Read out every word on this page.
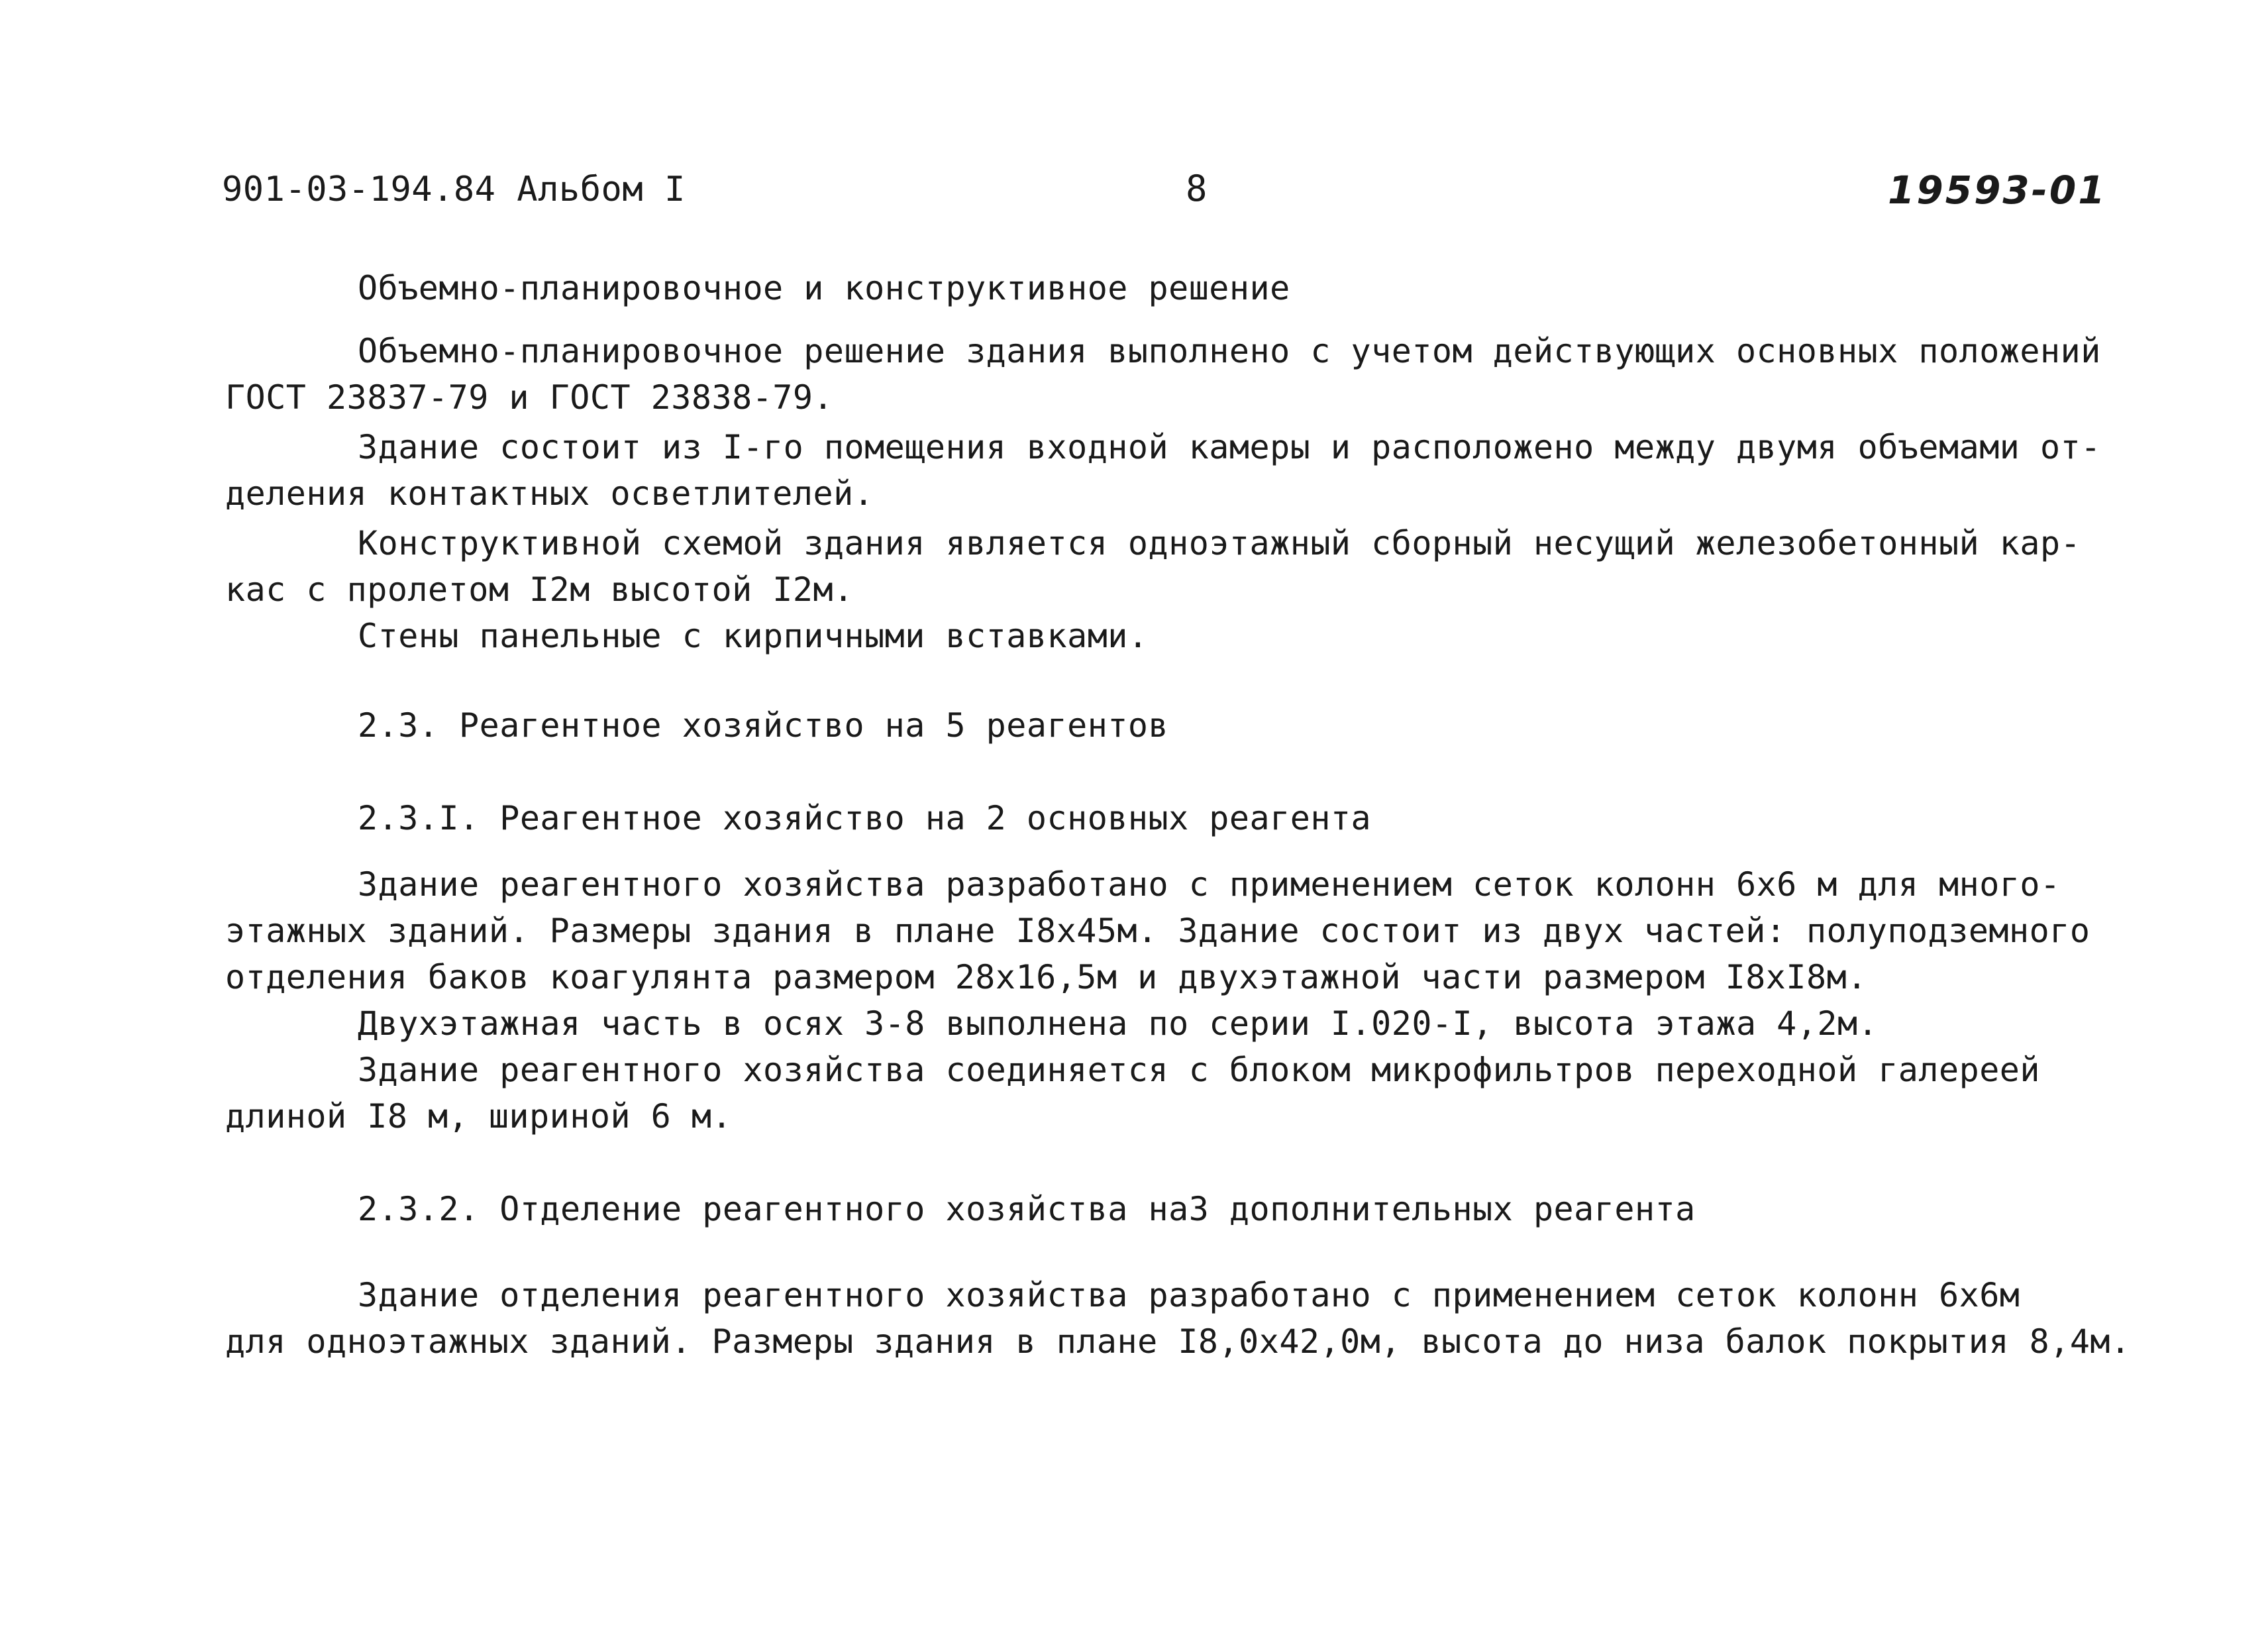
901-03-194.84 Альбом I	8	19593-01
Объемно-планировочное и конструктивное решение
Объемно-планировочное решение здания выполнено с учетом действующих основных положений
ГОСТ 23837-79 и ГОСТ 23838-79.
Здание состоит из I-го помещения входной камеры и расположено между двумя объемами от-
деления контактных осветлителей.
Конструктивной схемой здания является одноэтажный сборный несущий железобетонный кар-
кас с пролетом I2м высотой I2м.
Стены панельные с кирпичными вставками.
2.3. Реагентное хозяйство на 5 реагентов
2.3.I. Реагентное хозяйство на 2 основных реагента
Здание реагентного хозяйства разработано с применением сеток колонн 6х6 м для много-
этажных зданий. Размеры здания в плане I8х45м. Здание состоит из двух частей: полуподземного
отделения баков коагулянта размером 28х16,5м и двухэтажной части размером I8хI8м.
Двухэтажная часть в осях 3-8 выполнена по серии I.020-I, высота этажа 4,2м.
Здание реагентного хозяйства соединяется с блоком микрофильтров переходной галереей
длиной I8 м, шириной 6 м.
2.3.2. Отделение реагентного хозяйства на3 дополнительных реагента
Здание отделения реагентного хозяйства разработано с применением сеток колонн 6х6м
для одноэтажных зданий. Размеры здания в плане I8,0х42,0м, высота до низа балок покрытия 8,4м.
